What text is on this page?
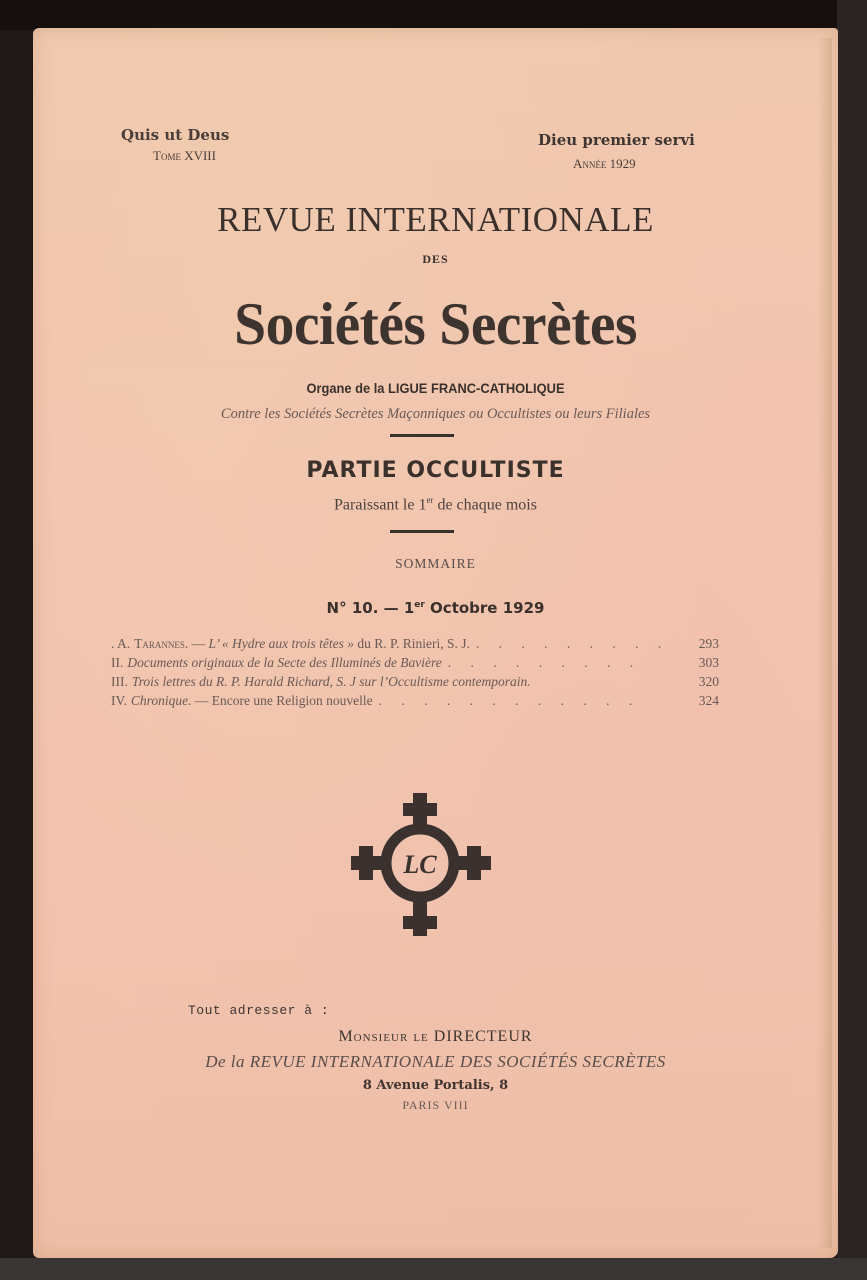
Quis ut Deus
Tome XVIII
Dieu premier servi
Année 1929
REVUE INTERNATIONALE
DES
Sociétés Secrètes
Organe de la LIGUE FRANC-CATHOLIQUE
Contre les Sociétés Secrètes Maçonniques ou Occultistes ou leurs Filiales
PARTIE OCCULTISTE
Paraissant le 1er de chaque mois
SOMMAIRE
N° 10. — 1er Octobre 1929
. A. Tarannes. — L’ « Hydre aux trois têtes » du R. P. Rinieri, S. J. . . . . . . . . .	293
II. Documents originaux de la Secte des Illuminés de Bavière . . . . . . . . .	303
III. Trois lettres du R. P. Harald Richard, S. J sur l’Occultisme contemporain.	320
IV. Chronique. — Encore une Religion nouvelle . . . . . . . . . . . .	324
LC
Tout adresser à :
Monsieur le DIRECTEUR
De la REVUE INTERNATIONALE DES SOCIÉTÉS SECRÈTES
8 Avenue Portalis, 8
PARIS VIII
